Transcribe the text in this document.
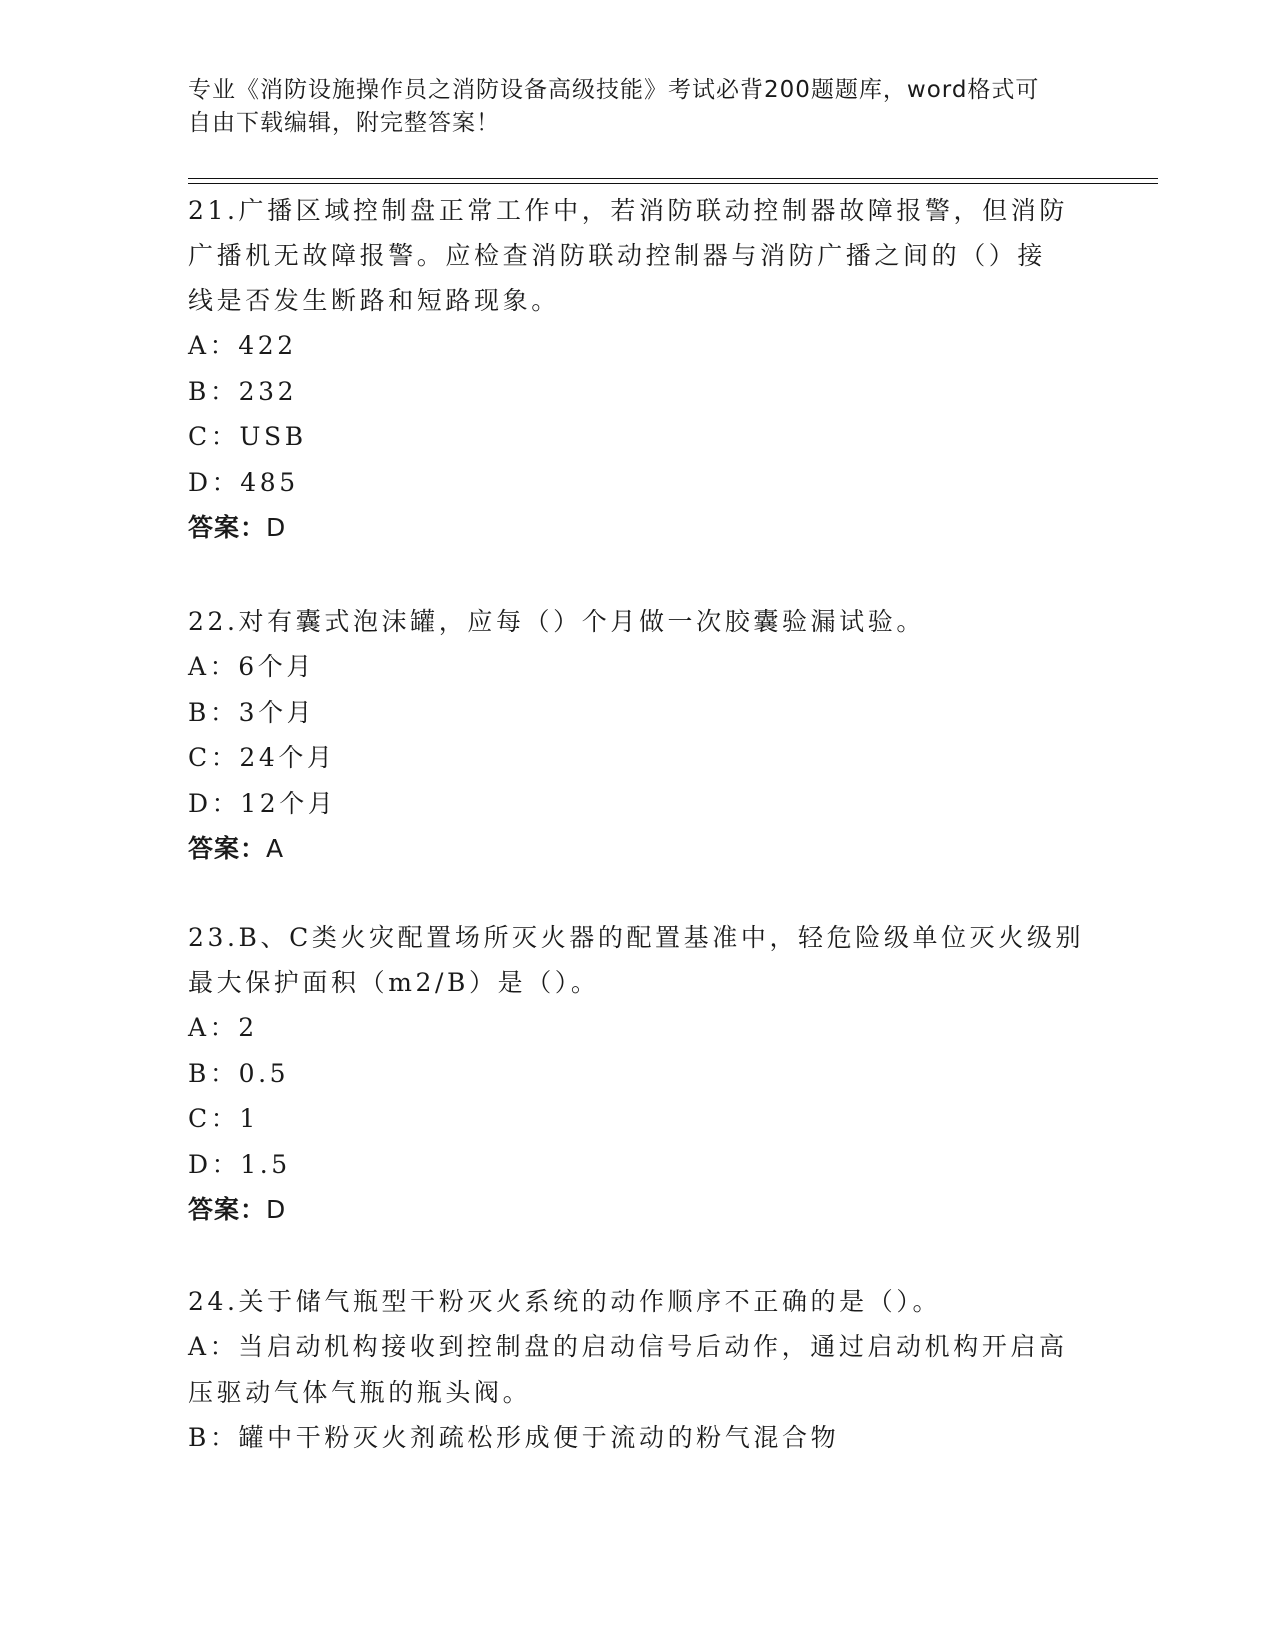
专业《消防设施操作员之消防设备高级技能》考试必背200题题库，word格式可
自由下载编辑，附完整答案！

21.广播区域控制盘正常工作中，若消防联动控制器故障报警，但消防

广播机无故障报警。应检查消防联动控制器与消防广播之间的（）接

线是否发生断路和短路现象。

A：422

B：232

C：USB

D：485

答案：D

22.对有囊式泡沫罐，应每（）个月做一次胶囊验漏试验。

A：6个月

B：3个月

C：24个月

D：12个月

答案：A

23.B、C类火灾配置场所灭火器的配置基准中，轻危险级单位灭火级别

最大保护面积（m2/B）是（）。

A：2

B：0.5

C：1

D：1.5

答案：D

24.关于储气瓶型干粉灭火系统的动作顺序不正确的是（）。

A：当启动机构接收到控制盘的启动信号后动作，通过启动机构开启高

压驱动气体气瓶的瓶头阀。

B：罐中干粉灭火剂疏松形成便于流动的粉气混合物
